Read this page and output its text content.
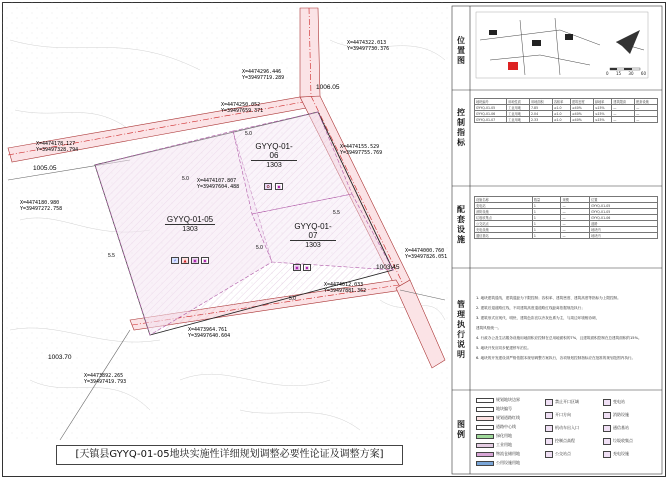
GYYQ-01-06
1303
GYYQ-01-05
1303	GYYQ-01-07
1303
♻	▣
⚡	▲	▣	▣
▣	▣
X=4474322.013
Y=39497730.376
X=4474296.446
Y=39497719.289
X=4474250.052
Y=39497659.371
X=4474178.127
Y=39497328.794	X=4474155.529
Y=39497755.769
X=4474107.807
Y=39497604.488
X=4474180.980
Y=39497272.758
X=4474000.760
Y=39497826.051
X=4474012.033
Y=39497881.362
X=4473964.761
Y=39497640.604
X=4473892.265
Y=39497419.793
1006.05
1005.05
1003.45
1003.70
5.5
5.0
5.0
5.5
5.0
5.0
[天镇县GYYQ-01-05地块实施性详细规划调整必要性论证及调整方案]
位置图
控制指标
配套设施
管理执行说明
图例
0 15 30 60
地块编号	用地性质	用地面积	容积率	建筑密度	绿地率	建筑限高	配套设施
GYYQ-01-05	工业用地	7.85	≥1.0	≥40%	≤15%	—	—
GYYQ-01-06	工业用地	2.04	≥1.0	≥40%	≤15%	—	—
GYYQ-01-07	工业用地	2.33	≥1.0	≥40%	≤15%	—	—
设施名称	数量	规模	位置
变电站	1	—	GYYQ-01-05
消防设施	1	—	GYYQ-01-05
垃圾收集点	1	—	GYYQ-01-06
公交站点	1	—	道路
充电设施	1	—	地块内
通信基站	1	—	地块内
1. 地块建筑退线，建筑退距为下限控制；容积率、建筑密度、建筑高度等指标为上限控制。
2. 建筑后退道路红线，不同建筑高度退道路红线距离依据规范执行；
3. 建筑形式应现代、明快，建筑色彩宜以冷灰色系为主，与周边环境相协调，
建筑风格统一。
4. 行政办公及生活服务设施用地面积应控制在总用地面积的7%，且建筑面积控制在总建筑面积的15%。
5. 地块开发应同步配建停车泊位。
6. 地块的开发建设须严格依据本规划调整方案执行，各项规划控制指标应在批准的规划范围内执行。
规划地块边界
地块编号
规划道路红线
道路中心线
绿化用地
工业用地
物流仓储用地
公用设施用地
禁止开口区域
开口方向
机动车出入口
控制点高程
公交站点
变电站
消防设施
通信基站
垃圾收集点
充电设施
